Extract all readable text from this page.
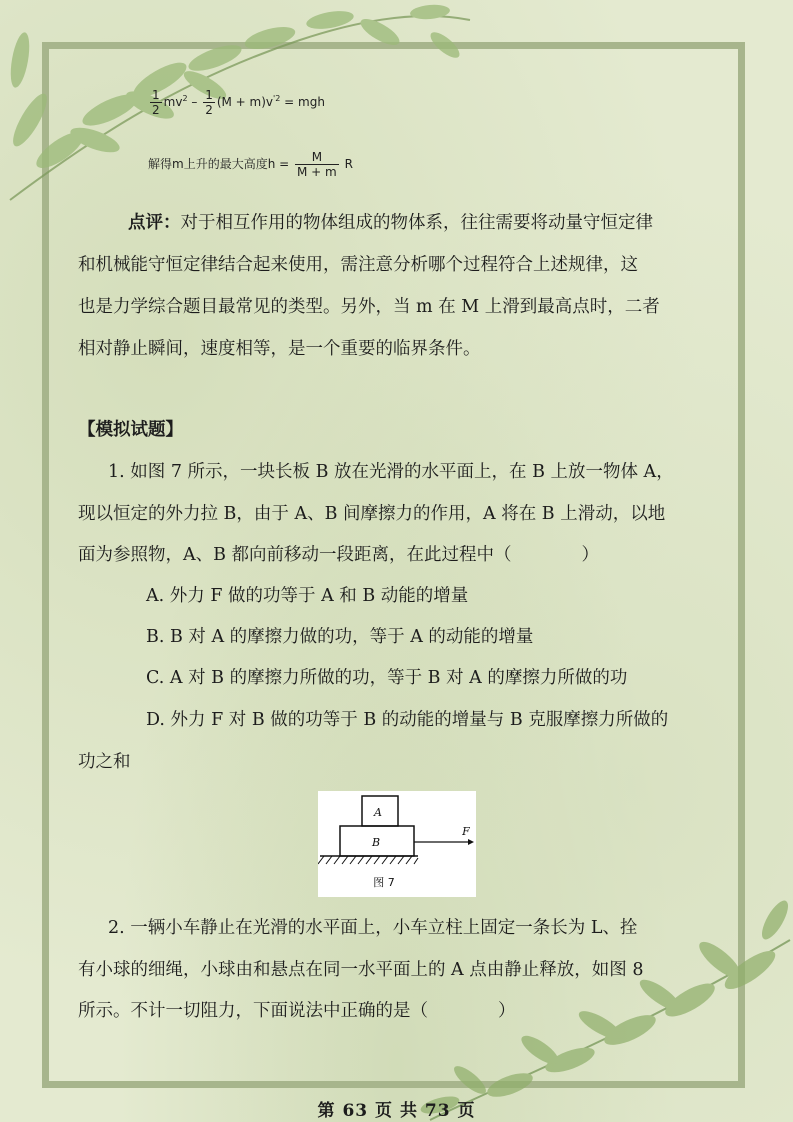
$\frac{1}{2} mv^2 - \frac{1}{2} (M + m)v^{'2}$ = mgh
解得m上升的最大高度$h = \frac{M}{M + m}$ R
点评：对于相互作用的物体组成的物体系，往往需要将动量守恒定律
和机械能守恒定律结合起来使用，需注意分析哪个过程符合上述规律，这
也是力学综合题目最常见的类型。另外，当 m 在 M 上滑到最高点时，二者
相对静止瞬间，速度相等，是一个重要的临界条件。
【模拟试题】
1. 如图 7 所示，一块长板 B 放在光滑的水平面上，在 B 上放一物体 A，
现以恒定的外力拉 B，由于 A、B 间摩擦力的作用，A 将在 B 上滑动，以地
面为参照物，A、B 都向前移动一段距离，在此过程中（　　　　）
A. 外力 F 做的功等于 A 和 B 动能的增量
B. B 对 A 的摩擦力做的功，等于 A 的动能的增量
C. A 对 B 的摩擦力所做的功，等于 B 对 A 的摩擦力所做的功
D. 外力 F 对 B 做的功等于 B 的动能的增量与 B 克服摩擦力所做的
功之和
A
B
F
图 7
2. 一辆小车静止在光滑的水平面上，小车立柱上固定一条长为 L、拴
有小球的细绳，小球由和悬点在同一水平面上的 A 点由静止释放，如图 8
所示。不计一切阻力，下面说法中正确的是（　　　　）
第 63 页 共 73 页
